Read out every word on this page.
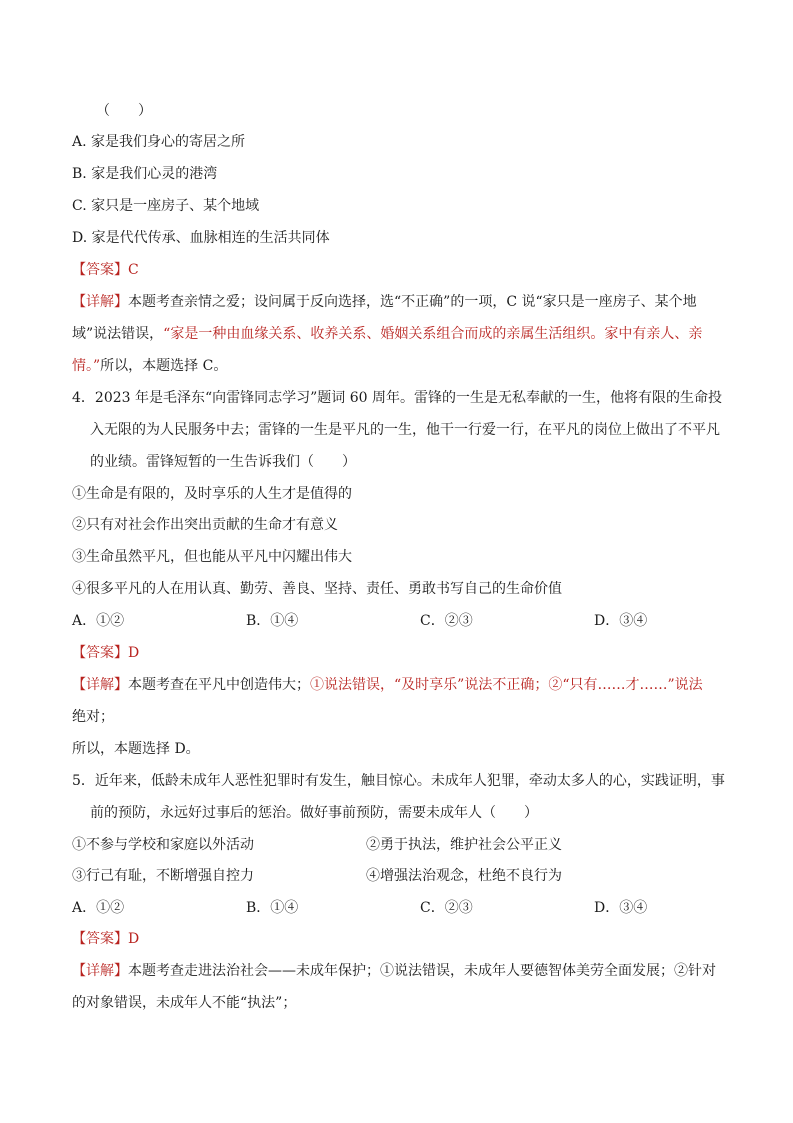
（　　）
A. 家是我们身心的寄居之所
B. 家是我们心灵的港湾
C. 家只是一座房子、某个地域
D. 家是代代传承、血脉相连的生活共同体
【答案】C
【详解】本题考查亲情之爱；设问属于反向选择，选“不正确”的一项，C 说“家只是一座房子、某个地
域”说法错误，“家是一种由血缘关系、收养关系、婚姻关系组合而成的亲属生活组织。家中有亲人、亲
情。”所以，本题选择 C。
4．2023 年是毛泽东“向雷锋同志学习”题词 60 周年。雷锋的一生是无私奉献的一生，他将有限的生命投
入无限的为人民服务中去；雷锋的一生是平凡的一生，他干一行爱一行，在平凡的岗位上做出了不平凡
的业绩。雷锋短暂的一生告诉我们（　　）
①生命是有限的，及时享乐的人生才是值得的
②只有对社会作出突出贡献的生命才有意义
③生命虽然平凡，但也能从平凡中闪耀出伟大
④很多平凡的人在用认真、勤劳、善良、坚持、责任、勇敢书写自己的生命价值
A．①②	B．①④	C．②③	D．③④
【答案】D
【详解】本题考查在平凡中创造伟大；①说法错误，“及时享乐”说法不正确；②“只有……才……”说法
绝对；
所以，本题选择 D。
5．近年来，低龄未成年人恶性犯罪时有发生，触目惊心。未成年人犯罪，牵动太多人的心，实践证明，事
前的预防，永远好过事后的惩治。做好事前预防，需要未成年人（　　）
①不参与学校和家庭以外活动	②勇于执法，维护社会公平正义
③行己有耻，不断增强自控力	④增强法治观念，杜绝不良行为
A．①②	B．①④	C．②③	D．③④
【答案】D
【详解】本题考查走进法治社会——未成年保护；①说法错误，未成年人要德智体美劳全面发展；②针对
的对象错误，未成年人不能“执法”；
